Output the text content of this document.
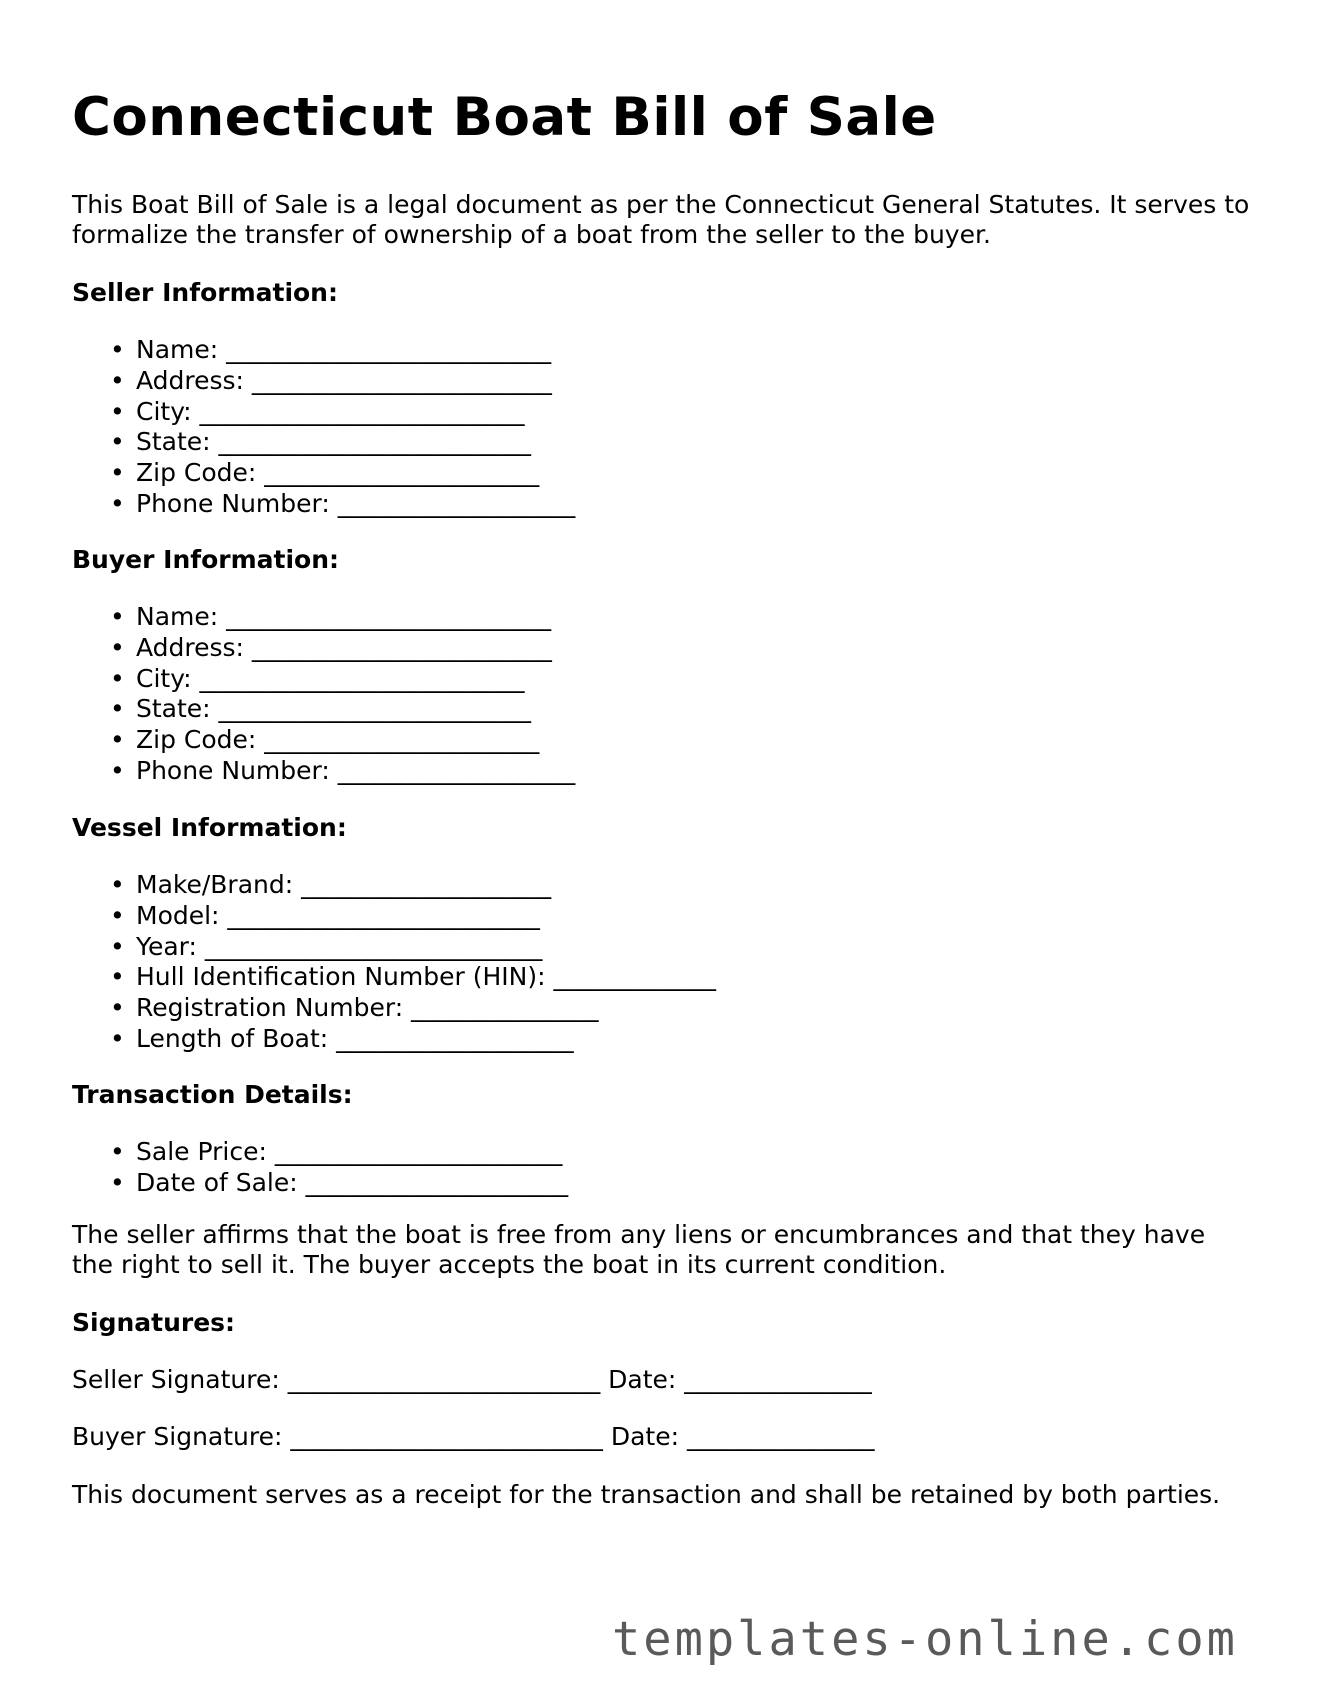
Connecticut Boat Bill of Sale

This Boat Bill of Sale is a legal document as per the Connecticut General Statutes. It serves to formalize the transfer of ownership of a boat from the seller to the buyer.

Seller Information:

• Name: __________________________
• Address: ________________________
• City: __________________________
• State: _________________________
• Zip Code: ______________________
• Phone Number: ___________________

Buyer Information:

• Name: __________________________
• Address: ________________________
• City: __________________________
• State: _________________________
• Zip Code: ______________________
• Phone Number: ___________________

Vessel Information:

• Make/Brand: ____________________
• Model: _________________________
• Year: ___________________________
• Hull Identification Number (HIN): _____________
• Registration Number: _______________
• Length of Boat: ___________________

Transaction Details:

• Sale Price: _______________________
• Date of Sale: _____________________

The seller affirms that the boat is free from any liens or encumbrances and that they have the right to sell it. The buyer accepts the boat in its current condition.

Signatures:

Seller Signature: _________________________ Date: _______________
Buyer Signature: _________________________ Date: _______________

This document serves as a receipt for the transaction and shall be retained by both parties.

templates-online.com
